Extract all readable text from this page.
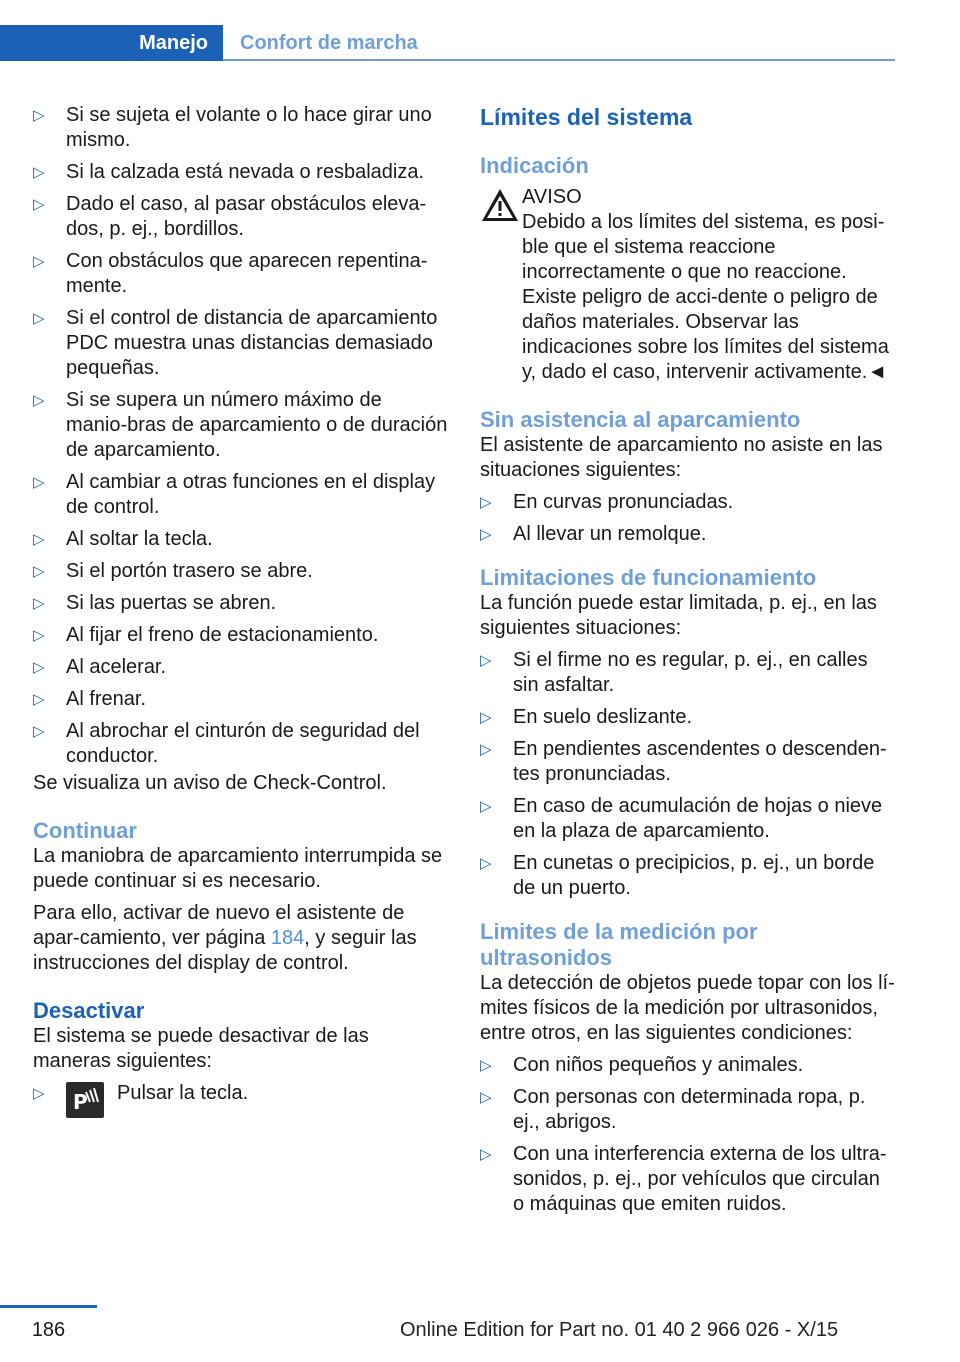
Manejo	Confort de marcha
▷ Si se sujeta el volante o lo hace girar uno mismo.
▷ Si la calzada está nevada o resbaladiza.
▷ Dado el caso, al pasar obstáculos eleva-dos, p. ej., bordillos.
▷ Con obstáculos que aparecen repentina-mente.
▷ Si el control de distancia de aparcamiento PDC muestra unas distancias demasiado pequeñas.
▷ Si se supera un número máximo de manio-bras de aparcamiento o de duración de aparcamiento.
▷ Al cambiar a otras funciones en el display de control.
▷ Al soltar la tecla.
▷ Si el portón trasero se abre.
▷ Si las puertas se abren.
▷ Al fijar el freno de estacionamiento.
▷ Al acelerar.
▷ Al frenar.
▷ Al abrochar el cinturón de seguridad del conductor.

Se visualiza un aviso de Check-Control.

Continuar

La maniobra de aparcamiento interrumpida se puede continuar si es necesario.

Para ello, activar de nuevo el asistente de apar-camiento, ver página 184, y seguir las instrucciones del display de control.

Desactivar

El sistema se puede desactivar de las maneras siguientes:

▷ P Pulsar la tecla.
Límites del sistema
Indicación

AVISO

Debido a los límites del sistema, es posi-ble que el sistema reaccione incorrectamente o que no reaccione. Existe peligro de acci-dente o peligro de daños materiales. Observar las indicaciones sobre los límites del sistema y, dado el caso, intervenir activamente.◄

Sin asistencia al aparcamiento

El asistente de aparcamiento no asiste en las situaciones siguientes:

▷ En curvas pronunciadas.
▷ Al llevar un remolque.
Limitaciones de funcionamiento

La función puede estar limitada, p. ej., en las siguientes situaciones:

▷ Si el firme no es regular, p. ej., en calles sin asfaltar.
▷ En suelo deslizante.
▷ En pendientes ascendentes o descenden-tes pronunciadas.
▷ En caso de acumulación de hojas o nieve en la plaza de aparcamiento.
▷ En cunetas o precipicios, p. ej., un borde de un puerto.
Limites de la medición por ultrasonidos

La detección de objetos puede topar con los lí-mites físicos de la medición por ultrasonidos, entre otros, en las siguientes condiciones:

▷ Con niños pequeños y animales.
▷ Con personas con determinada ropa, p. ej., abrigos.
▷ Con una interferencia externa de los ultra-sonidos, p. ej., por vehículos que circulan o máquinas que emiten ruidos.
186	Online Edition for Part no. 01 40 2 966 026 - X/15
